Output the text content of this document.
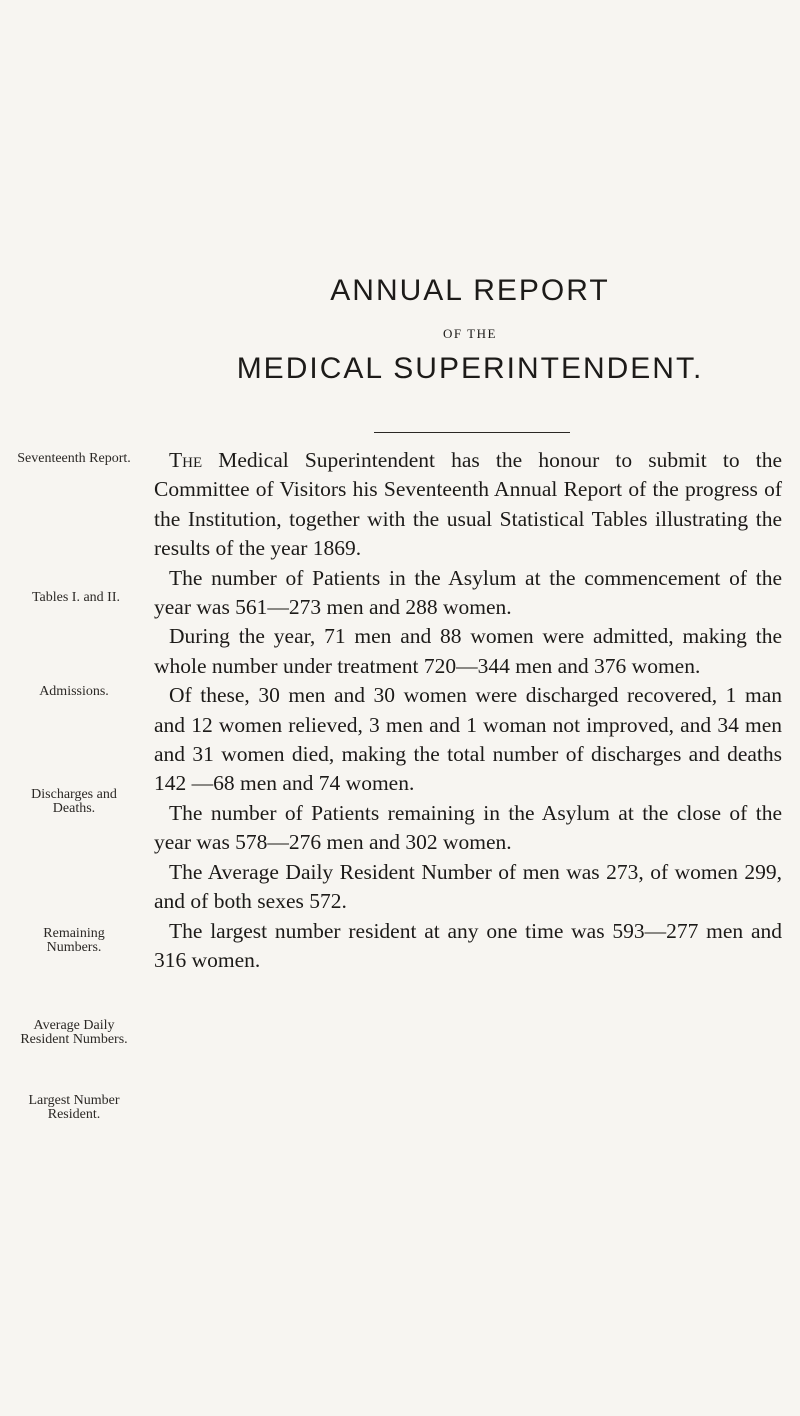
ANNUAL REPORT
OF THE
MEDICAL SUPERINTENDENT.
Seventeenth Report.
Tables I. and II.
Admissions.
Discharges and Deaths.
Remaining Numbers.
Average Daily Resident Numbers.
Largest Number Resident.

The Medical Superintendent has the honour to submit to the Committee of Visitors his Seventeenth Annual Report of the progress of the Institution, together with the usual Statistical Tables illustrating the results of the year 1869.

The number of Patients in the Asylum at the commencement of the year was 561—273 men and 288 women.

During the year, 71 men and 88 women were admitted, making the whole number under treatment 720—344 men and 376 women.

Of these, 30 men and 30 women were discharged recovered, 1 man and 12 women relieved, 3 men and 1 woman not improved, and 34 men and 31 women died, making the total number of discharges and deaths 142 —68 men and 74 women.

The number of Patients remaining in the Asylum at the close of the year was 578—276 men and 302 women.

The Average Daily Resident Number of men was 273, of women 299, and of both sexes 572.

The largest number resident at any one time was 593—277 men and 316 women.
